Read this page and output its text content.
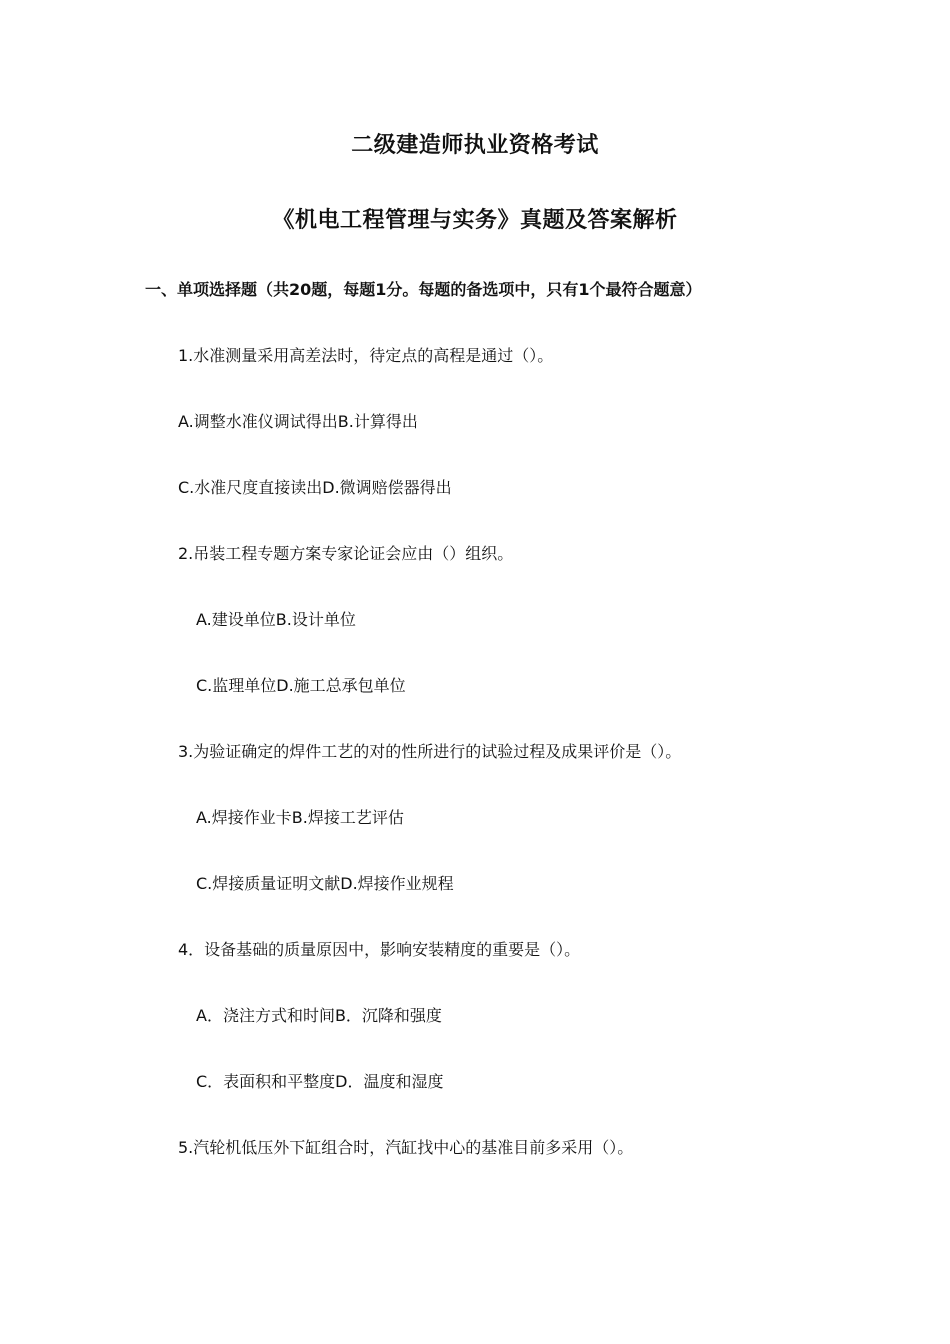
二级建造师执业资格考试
《机电工程管理与实务》真题及答案解析
一、单项选择题（共20题，每题1分。每题的备选项中，只有1个最符合题意）
1.水准测量采用高差法时，待定点的高程是通过（）。
A.调整水准仪调试得出B.计算得出
C.水准尺度直接读出D.微调赔偿器得出
2.吊装工程专题方案专家论证会应由（）组织。
A.建设单位B.设计单位
C.监理单位D.施工总承包单位
3.为验证确定的焊件工艺的对的性所进行的试验过程及成果评价是（）。
A.焊接作业卡B.焊接工艺评估
C.焊接质量证明文献D.焊接作业规程
4．设备基础的质量原因中，影响安装精度的重要是（）。
A．浇注方式和时间B．沉降和强度
C．表面积和平整度D．温度和湿度
5.汽轮机低压外下缸组合时，汽缸找中心的基准目前多采用（）。
